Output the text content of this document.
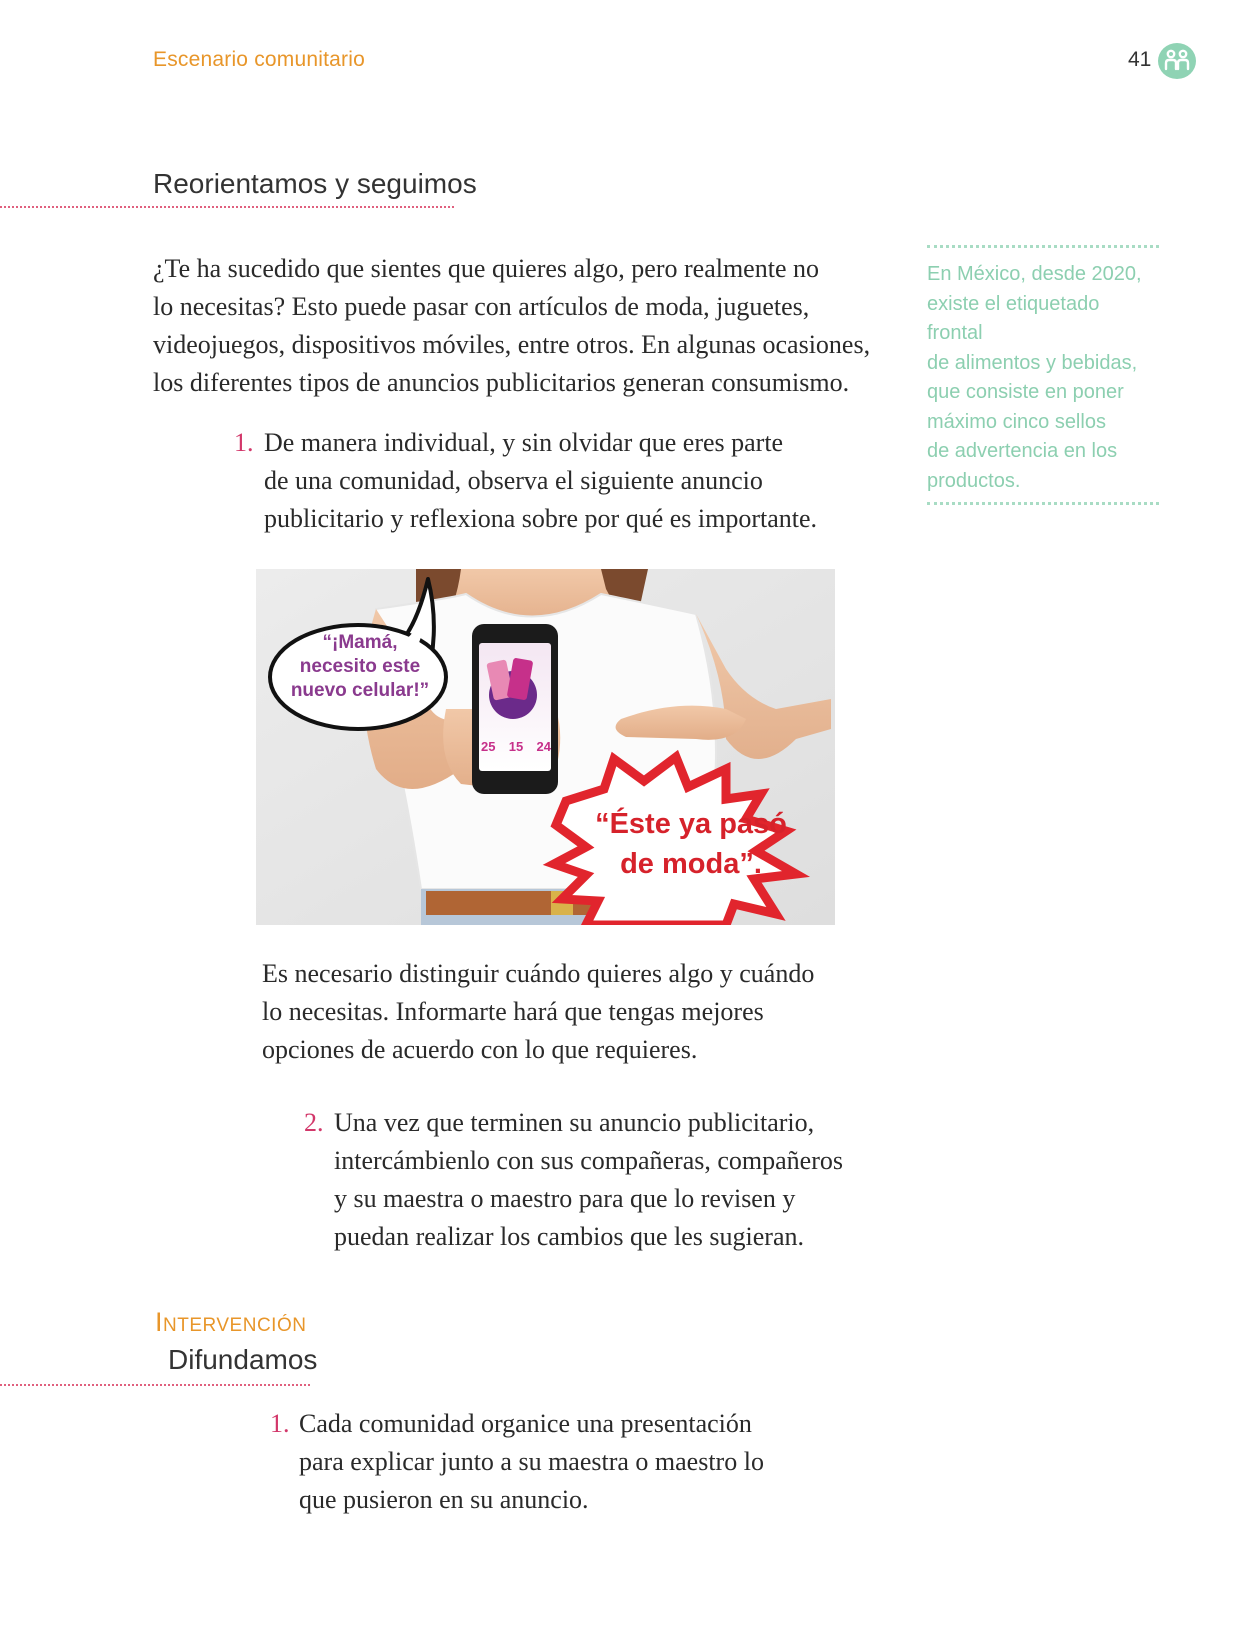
Escenario comunitario	41
Reorientamos y seguimos

¿Te ha sucedido que sientes que quieres algo, pero realmente no

lo necesitas? Esto puede pasar con artículos de moda, juguetes,

videojuegos, dispositivos móviles, entre otros. En algunas ocasiones,

los diferentes tipos de anuncios publicitarios generan consumismo.

1. De manera individual, y sin olvidar que eres parte

de una comunidad, observa el siguiente anuncio

publicitario y reflexiona sobre por qué es importante.

En México, desde 2020,
existe el etiquetado frontal
de alimentos y bebidas,
que consiste en poner
máximo cinco sellos
de advertencia en los
productos.
“¡Mamá,
necesito este
nuevo celular!”
“Éste ya pasó
de moda”.
25 15 24

Es necesario distinguir cuándo quieres algo y cuándo

lo necesitas. Informarte hará que tengas mejores

opciones de acuerdo con lo que requieres.

2. Una vez que terminen su anuncio publicitario,

intercámbienlo con sus compañeras, compañeros

y su maestra o maestro para que lo revisen y

puedan realizar los cambios que les sugieran.

Intervención
Difundamos
1. Cada comunidad organice una presentación

para explicar junto a su maestra o maestro lo

que pusieron en su anuncio.
